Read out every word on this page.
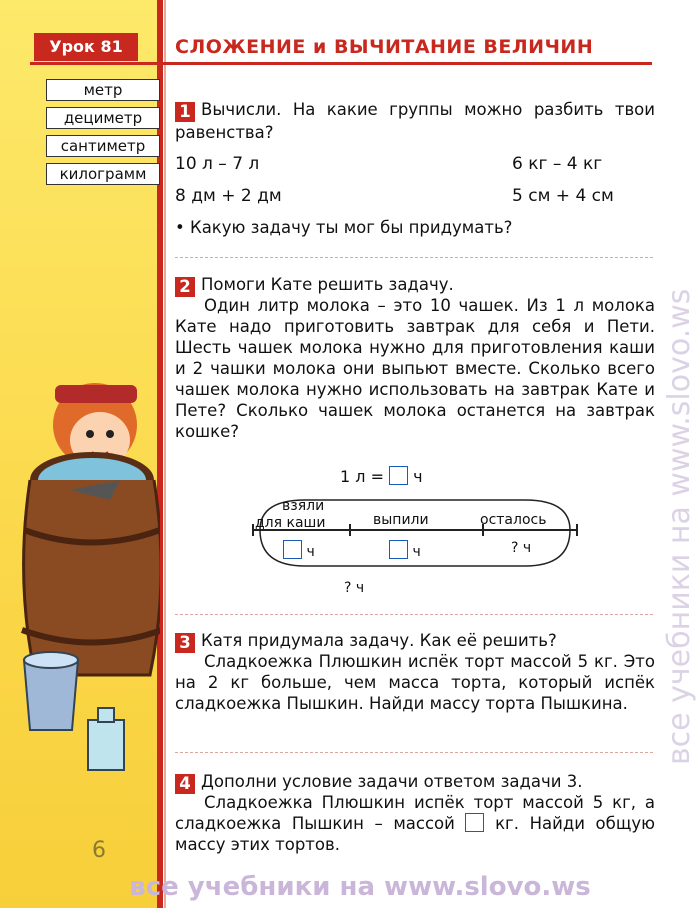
Урок 81	СЛОЖЕНИЕ и ВЫЧИТАНИЕ ВЕЛИЧИН
метр
дециметр
сантиметр
килограмм
1 Вычисли. На какие группы можно разбить твои равенства?
10 л – 7 л	6 кг – 4 кг
8 дм + 2 дм	5 см + 4 см
• Какую задачу ты мог бы придумать?
2 Помоги Кате решить задачу.
Один литр молока – это 10 чашек. Из 1 л молока Кате надо приготовить завтрак для себя и Пети. Шесть чашек молока нужно для приготовления каши и 2 чашки молока они выпьют вместе. Сколько всего чашек молока нужно использовать на завтрак Кате и Пете? Сколько чашек молока останется на завтрак кошке?
1 л = ч
взяли
для каши	выпили	осталось
ч	ч	? ч
? ч
3 Катя придумала задачу. Как её решить?
Сладкоежка Плюшкин испёк торт массой 5 кг. Это на 2 кг больше, чем масса торта, который испёк сладкоежка Пышкин. Найди массу торта Пышкина.
4 Дополни условие задачи ответом задачи 3.
Сладкоежка Плюшкин испёк торт массой 5 кг, а сладкоежка Пышкин – массой кг. Найди общую массу этих тортов.
6
все учебники на www.slovo.ws
все учебники на www.slovo.ws
